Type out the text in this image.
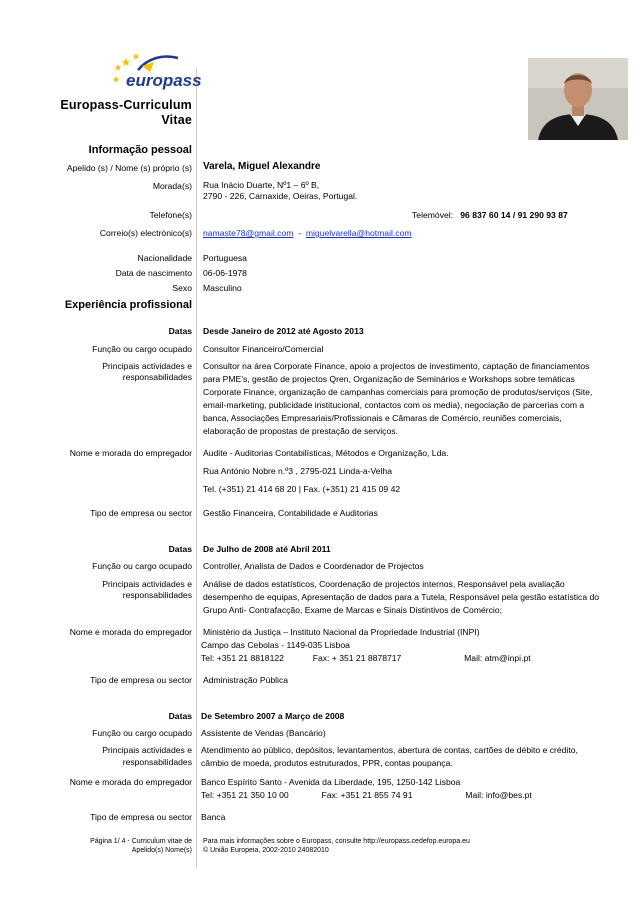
europass
Europass-Curriculum
Vitae
Informação pessoal
Apelido (s) / Nome (s) próprio (s) Varela, Miguel Alexandre
Morada(s) Rua Inácio Duarte, Nº1 – 6º B,
2790 - 226, Carnaxide, Oeiras, Portugal.
Telefone(s)	Telemóvel: 96 837 60 14 / 91 290 93 87
Correio(s) electrónico(s) namaste78@gmail.com - miguelvarella@hotmail.com
Nacionalidade Portuguesa
Data de nascimento 06-06-1978
Sexo Masculino
Experiência profissional
Datas Desde Janeiro de 2012 até Agosto 2013
Função ou cargo ocupado Consultor Financeiro/Comercial
Principais actividades e
responsabilidades
Consultor na área Corporate Finance, apoio a projectos de investimento, captação de financiamentos
para PME’s, gestão de projectos Qren, Organização de Seminários e Workshops sobre temáticas
Corporate Finance, organização de campanhas comerciais para promoção de produtos/serviços (Site,
email-marketing, publicidade institucional, contactos com os media), negociação de parcerias com a
banca, Associações Empresariais/Profissionais e Câmaras de Comércio, reuniões comerciais,
elaboração de propostas de prestação de serviços.
Nome e morada do empregador Audite - Auditorias Contabilísticas, Métodos e Organização, Lda.
Rua António Nobre n.º3 , 2795-021 Linda-a-Velha
Tel. (+351) 21 414 68 20 | Fax. (+351) 21 415 09 42
Tipo de empresa ou sector Gestão Financeira, Contabilidade e Auditorias
Datas De Julho de 2008 até Abril 2011
Função ou cargo ocupado Controller, Analista de Dados e Coordenador de Projectos
Principais actividades e
responsabilidades
Análise de dados estatísticos, Coordenação de projectos internos, Responsável pela avaliação
desempenho de equipas, Apresentação de dados para a Tutela, Responsável pela gestão estatística do
Grupo Anti- Contrafacção, Exame de Marcas e Sinais Distintivos de Comércio;
Nome e morada do empregador Ministério da Justiça – Instituto Nacional da Propriedade Industrial (INPI)
Campo das Cebolas - 1149-035 Lisboa
Tel: +351 21 8818122	Fax: + 351 21 8878717	Mail: atm@inpi.pt
Tipo de empresa ou sector Administração Pública
Datas De Setembro 2007 a Março de 2008
Função ou cargo ocupado Assistente de Vendas (Bancário)
Principais actividades e
responsabilidades
Atendimento ao público, depósitos, levantamentos, abertura de contas, cartões de débito e crédito,
câmbio de moeda, produtos estruturados, PPR, contas poupança.
Nome e morada do empregador Banco Espírito Santo - Avenida da Liberdade, 195, 1250-142 Lisboa
Tel: +351 21 350 10 00	Fax: +351 21 855 74 91	Mail: info@bes.pt
Tipo de empresa ou sector Banca
Página 1/ 4 - Curriculum vitae de
Apelido(s) Nome(s)
Para mais informações sobre o Europass, consulte http://europass.cedefop.europa.eu
© União Europeia, 2002-2010 24082010
